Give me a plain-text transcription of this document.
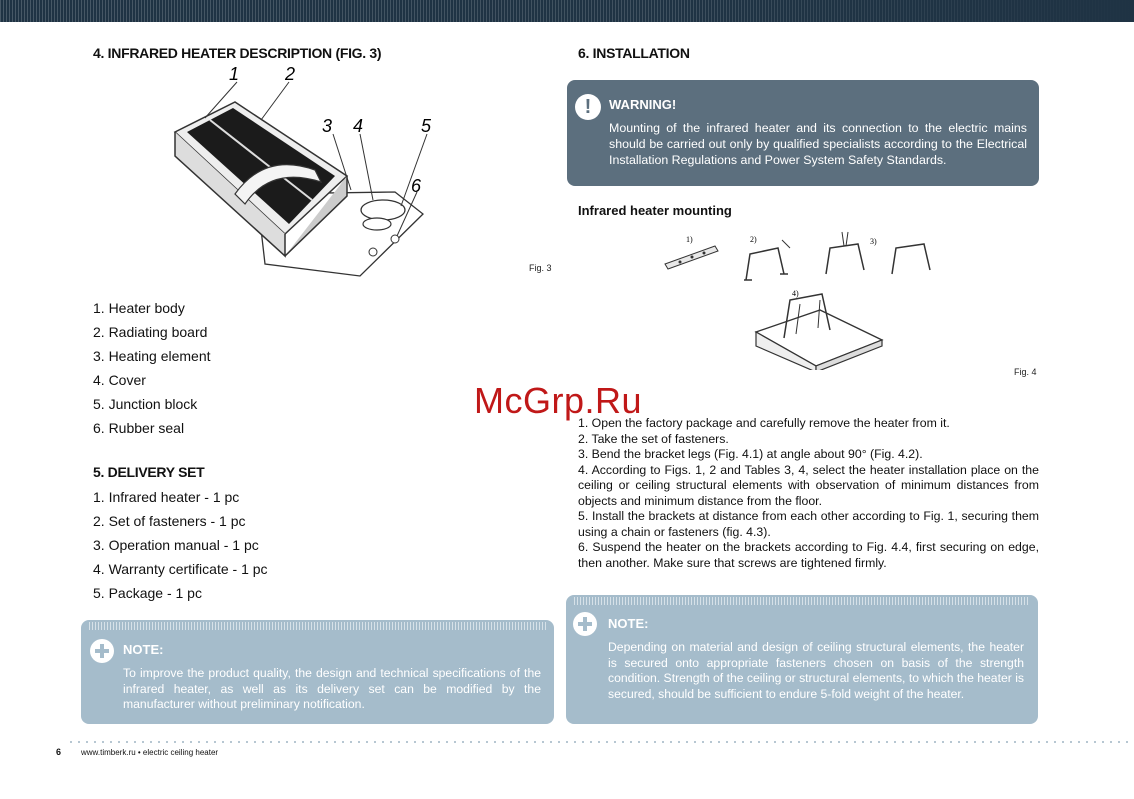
4. INFRARED HEATER DESCRIPTION (FIG. 3)
1	2
3 4	5
6
Fig. 3
1. Heater body
2. Radiating board
3. Heating element
4. Cover
5. Junction block
6. Rubber seal
5. DELIVERY SET
1. Infrared heater - 1 pc
2. Set of fasteners - 1 pc
3. Operation manual - 1 pc
4. Warranty certificate - 1 pc
5. Package - 1 pc
NOTE:
To improve the product quality, the design and technical specifications of the infrared heater, as well as its delivery set can be modified by the manufacturer without preliminary notification.
6. INSTALLATION
!	WARNING!
Mounting of the infrared heater and its connection to the electric mains should be carried out only by qualified specialists according to the Electrical Installation Regulations and Power System Safety Standards.
Infrared heater mounting
1)	2)	3)
4)
Fig. 4

1. Open the factory package and carefully remove the heater from it.

2. Take the set of fasteners.

3. Bend the bracket legs (Fig. 4.1) at angle about 90° (Fig. 4.2).

4. According to Figs. 1, 2 and Tables 3, 4, select the heater installation place on the ceiling or ceiling structural elements with observation of minimum distances from objects and minimum distance from the floor.

5. Install the brackets at distance from each other according to Fig. 1, securing them using a chain or fasteners (fig. 4.3).

6. Suspend the heater on the brackets according to Fig. 4.4, first securing on edge, then another. Make sure that screws are tightened firmly.

NOTE:
Depending on material and design of ceiling structural elements, the heater is secured onto appropriate fasteners chosen on basis of the strength condition. Strength of the ceiling or structural elements, to which the heater is secured, should be sufficient to endure 5-fold weight of the heater.
6 www.timberk.ru • electric ceiling heater
McGrp.Ru
